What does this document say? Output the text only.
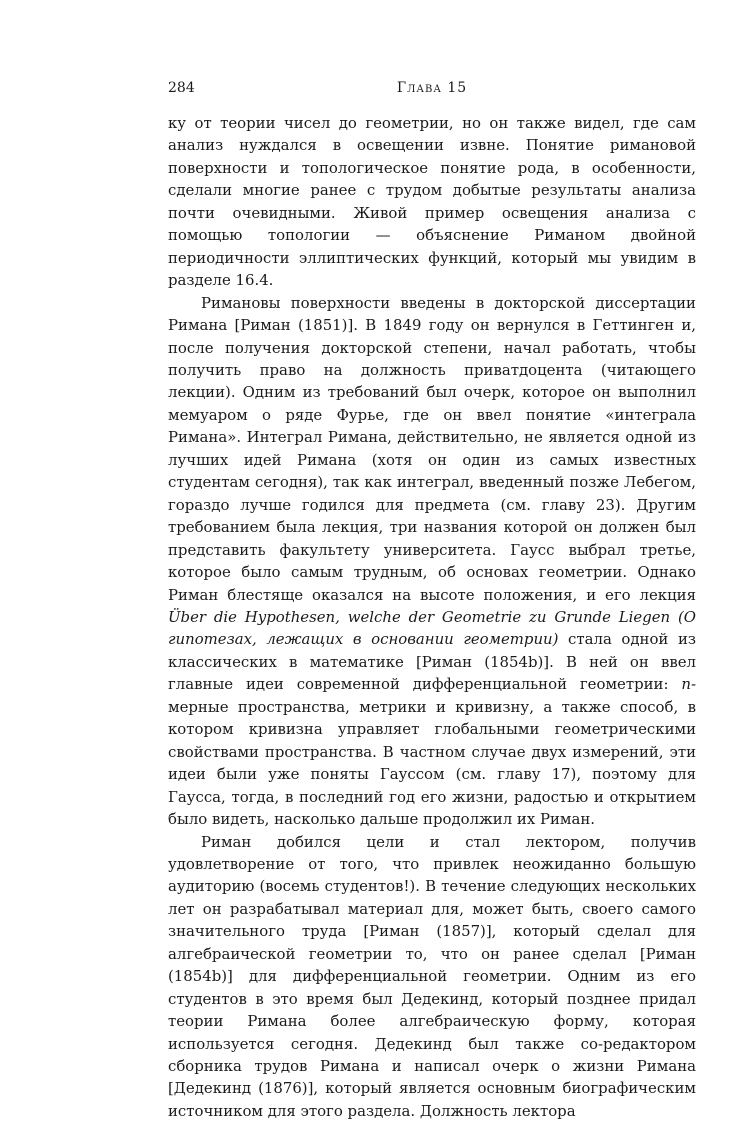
284	Глава 15

ку от теории чисел до геометрии, но он также видел, где сам анализ нуждался в освещении извне. Понятие римановой поверхности и топологическое понятие рода, в особенности, сделали многие ранее с трудом добытые результаты анализа почти очевидными. Живой пример освещения анализа с помощью топологии — объяснение Риманом двойной периодичности эллиптических функций, который мы увидим в разделе 16.4.

Римановы поверхности введены в докторской диссертации Римана [Риман (1851)]. В 1849 году он вернулся в Геттинген и, после получения докторской степени, начал работать, чтобы получить право на должность приватдоцента (читающего лекции). Одним из требований был очерк, которое он выполнил мемуаром о ряде Фурье, где он ввел понятие «интеграла Римана». Интеграл Римана, действительно, не является одной из лучших идей Римана (хотя он один из самых известных студентам сегодня), так как интеграл, введенный позже Лебегом, гораздо лучше годился для предмета (см. главу 23). Другим требованием была лекция, три названия которой он должен был представить факультету университета. Гаусс выбрал третье, которое было самым трудным, об основах геометрии. Однако Риман блестяще оказался на высоте положения, и его лекция Über die Hypothesen, welche der Geometrie zu Grunde Liegen (О гипотезах, лежащих в основании геометрии) стала одной из классических в математике [Риман (1854b)]. В ней он ввел главные идеи современной дифференциальной геометрии: n-мерные пространства, метрики и кривизну, а также способ, в котором кривизна управляет глобальными геометрическими свойствами пространства. В частном случае двух измерений, эти идеи были уже поняты Гауссом (см. главу 17), поэтому для Гаусса, тогда, в последний год его жизни, радостью и открытием было видеть, насколько дальше продолжил их Риман.

Риман добился цели и стал лектором, получив удовлетворение от того, что привлек неожиданно большую аудиторию (восемь студентов!). В течение следующих нескольких лет он разрабатывал материал для, может быть, своего самого значительного труда [Риман (1857)], который сделал для алгебраической геометрии то, что он ранее сделал [Риман (1854b)] для дифференциальной геометрии. Одним из его студентов в это время был Дедекинд, который позднее придал теории Римана более алгебраическую форму, которая используется сегодня. Дедекинд был также со-редактором сборника трудов Римана и написал очерк о жизни Римана [Дедекинд (1876)], который является основным биографическим источником для этого раздела. Должность лектора
